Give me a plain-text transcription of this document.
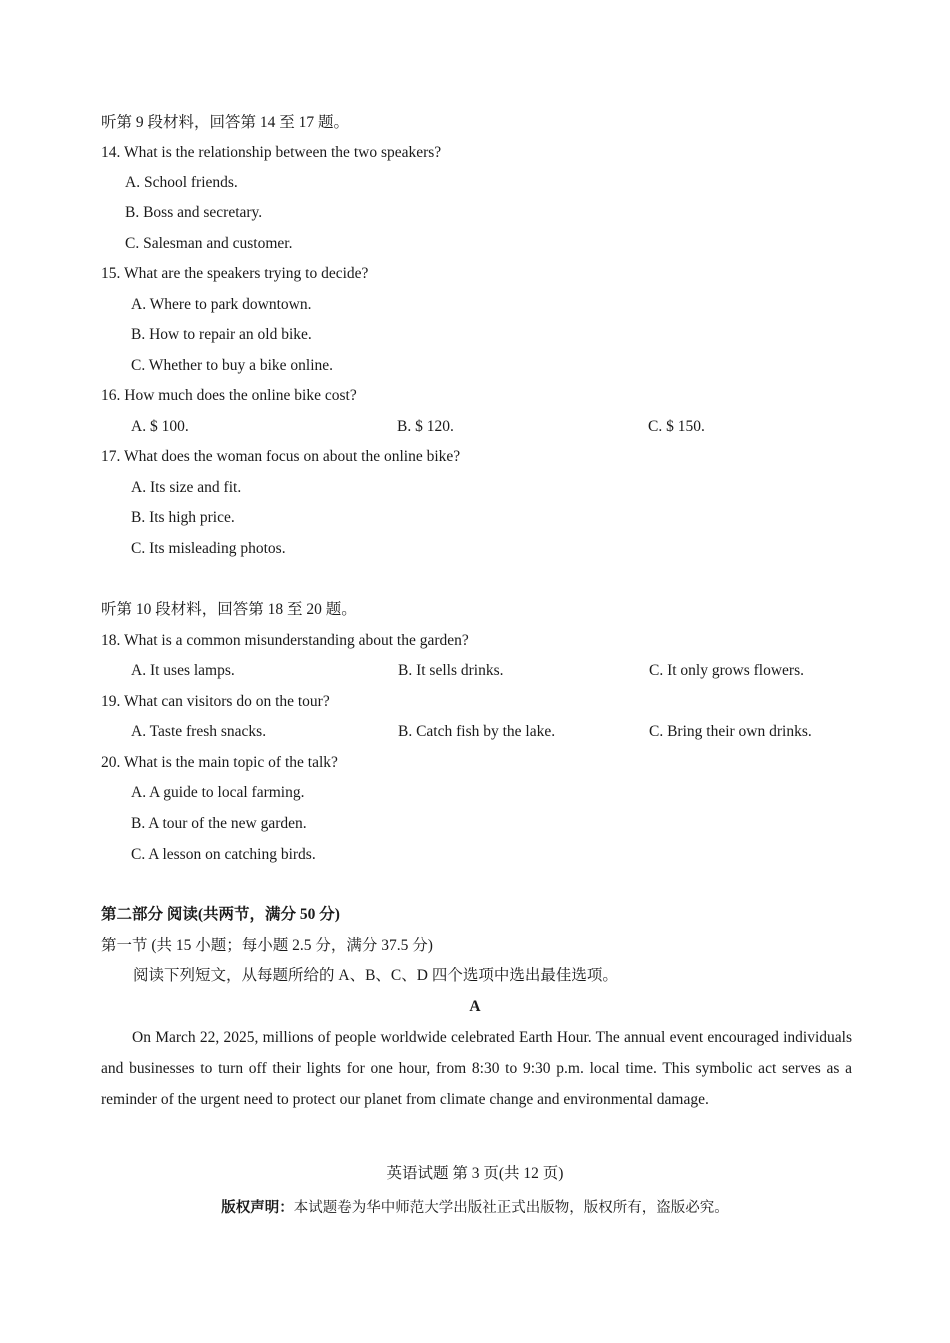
听第 9 段材料，回答第 14 至 17 题。
14. What is the relationship between the two speakers?
A. School friends.
B. Boss and secretary.
C. Salesman and customer.
15. What are the speakers trying to decide?
A. Where to park downtown.
B. How to repair an old bike.
C. Whether to buy a bike online.
16. How much does the online bike cost?
A. $ 100.	B. $ 120.	C. $ 150.
17. What does the woman focus on about the online bike?
A. Its size and fit.
B. Its high price.
C. Its misleading photos.
听第 10 段材料，回答第 18 至 20 题。
18. What is a common misunderstanding about the garden?
A. It uses lamps.	B. It sells drinks.	C. It only grows flowers.
19. What can visitors do on the tour?
A. Taste fresh snacks.	B. Catch fish by the lake.	C. Bring their own drinks.
20. What is the main topic of the talk?
A. A guide to local farming.
B. A tour of the new garden.
C. A lesson on catching birds.
第二部分 阅读(共两节，满分 50 分)
第一节 (共 15 小题；每小题 2.5 分，满分 37.5 分)
阅读下列短文，从每题所给的 A、B、C、D 四个选项中选出最佳选项。
A
On March 22, 2025, millions of people worldwide celebrated Earth Hour. The annual event encouraged individuals and businesses to turn off their lights for one hour, from 8:30 to 9:30 p.m. local time. This symbolic act serves as a reminder of the urgent need to protect our planet from climate change and environmental damage.
英语试题 第 3 页(共 12 页)
版权声明：本试题卷为华中师范大学出版社正式出版物，版权所有，盗版必究。
